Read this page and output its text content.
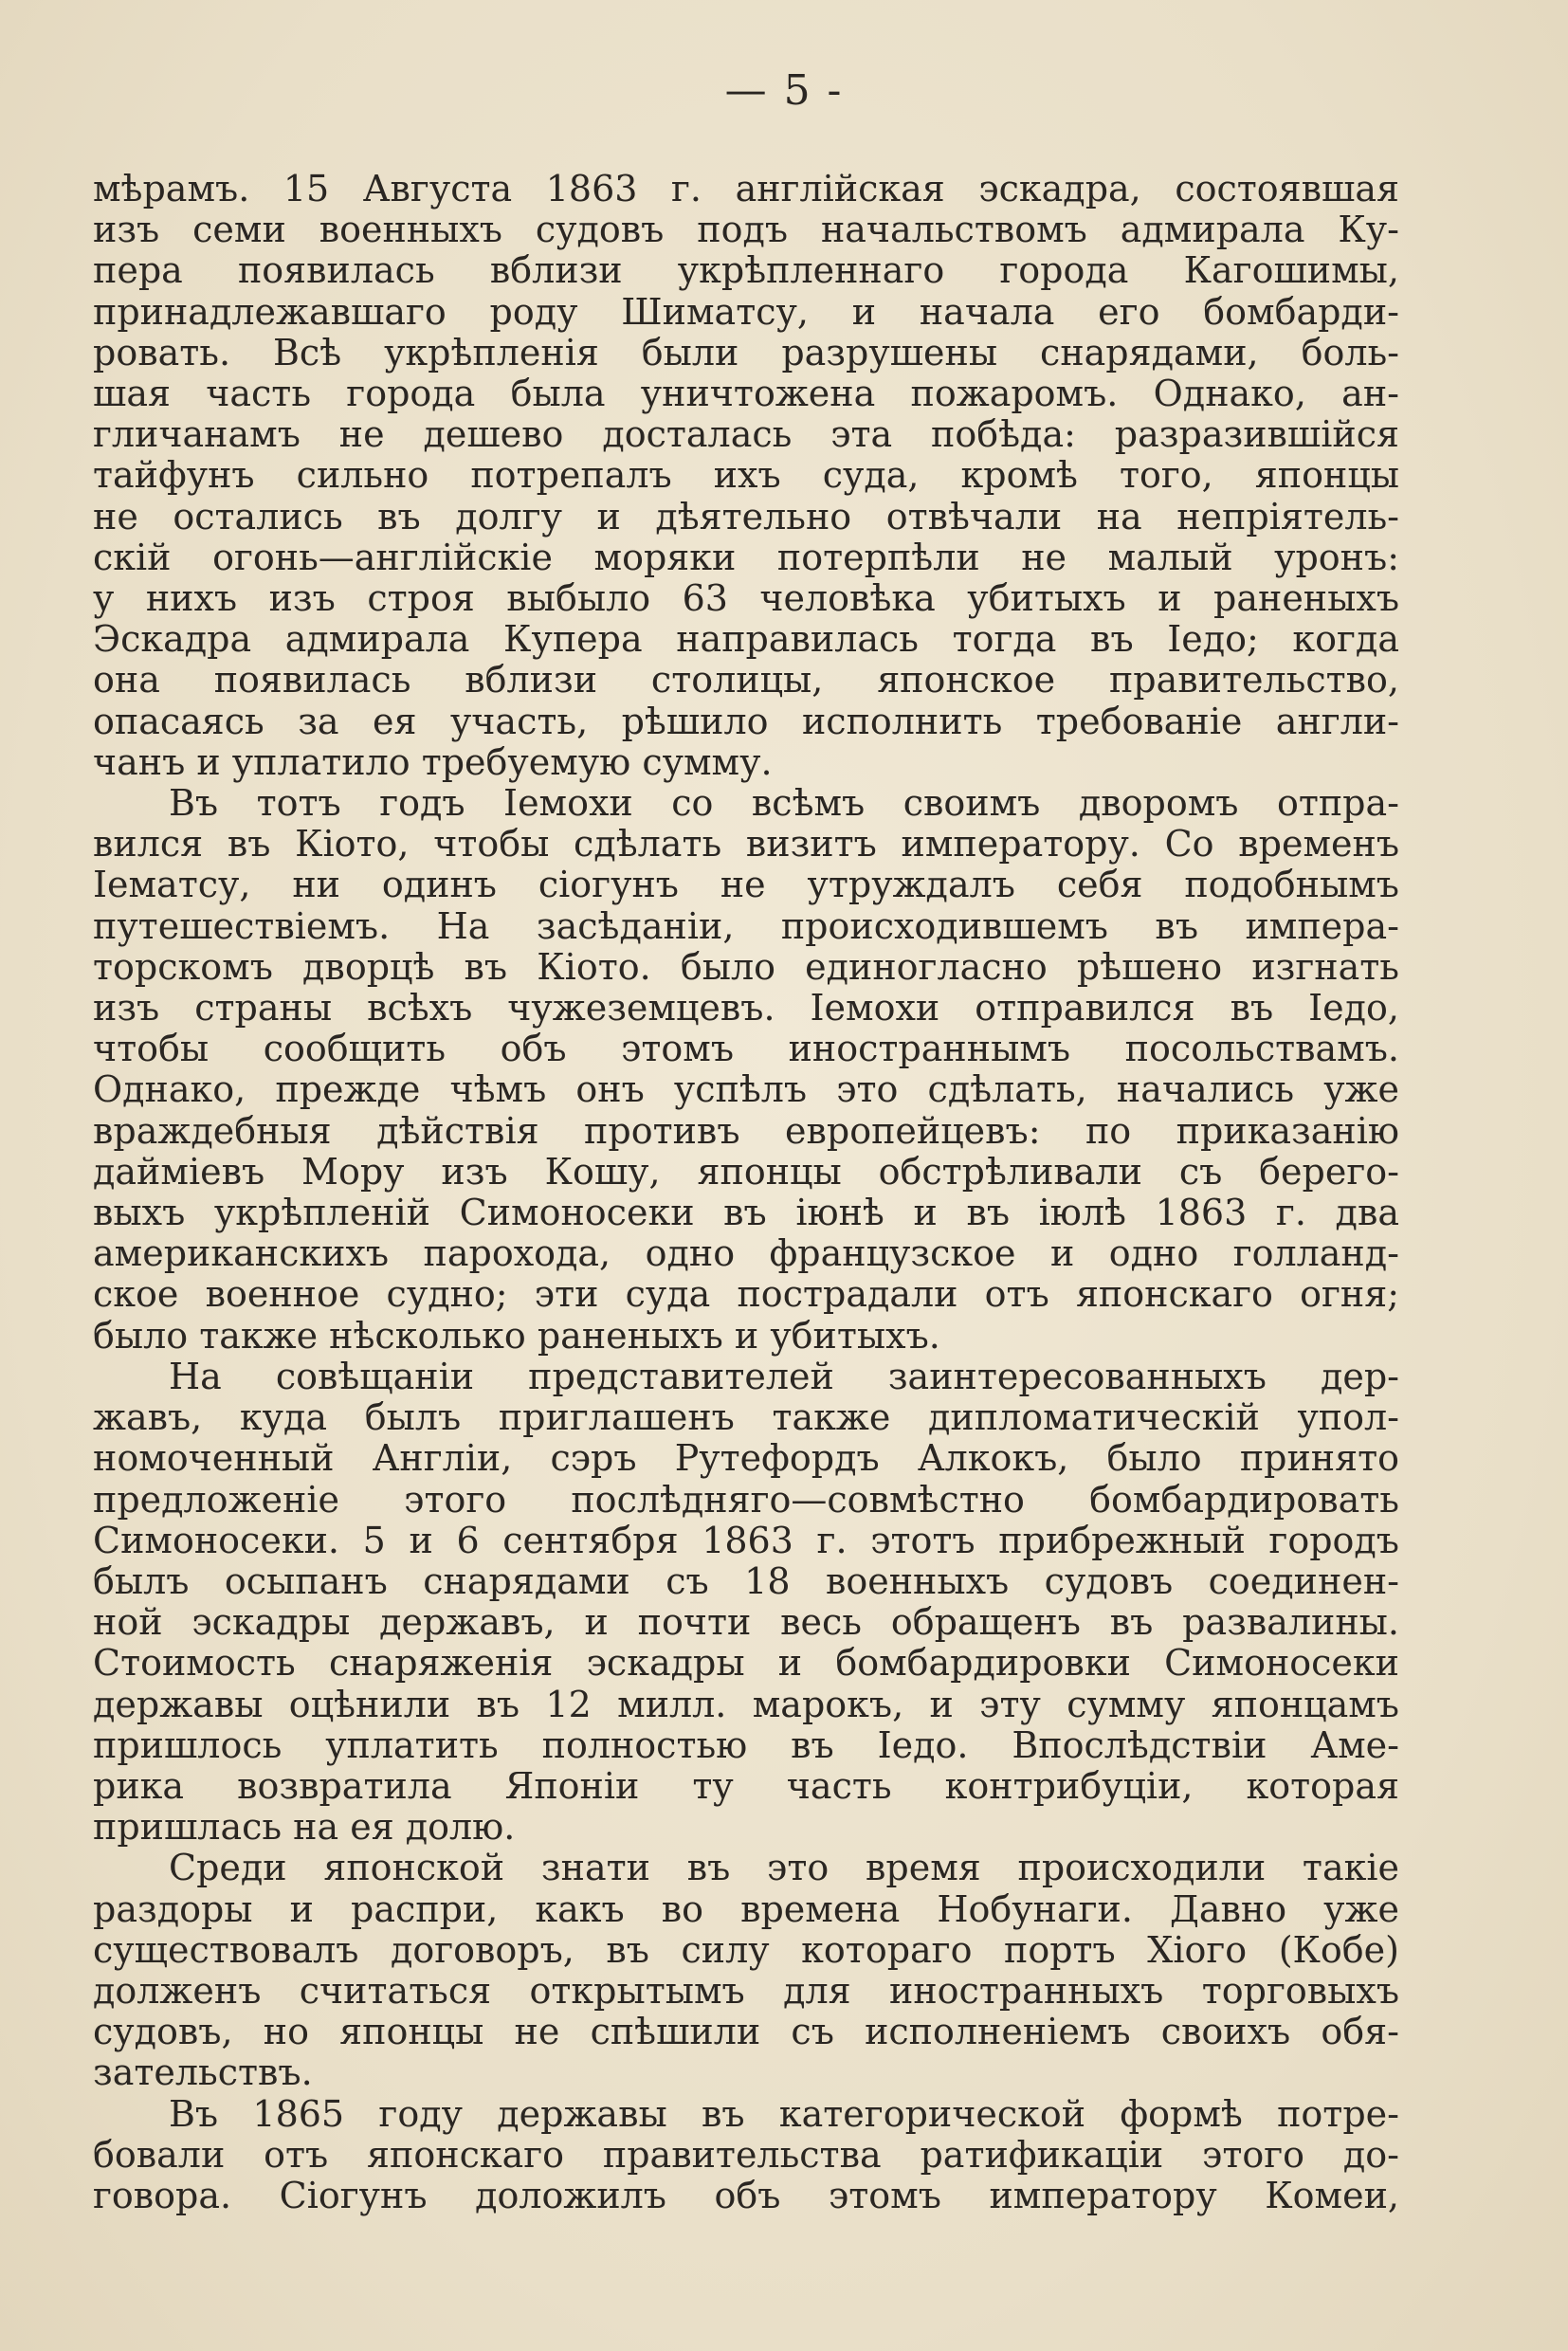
— 5 -

мѣрамъ. 15 Августа 1863 г. англійская эскадра, состоявшая
изъ семи военныхъ судовъ подъ начальствомъ адмирала Ку-
пера появилась вблизи укрѣпленнаго города Кагошимы,
принадлежавшаго роду Шиматсу, и начала его бомбарди-
ровать. Всѣ укрѣпленія были разрушены снарядами, боль-
шая часть города была уничтожена пожаромъ. Однако, ан-
гличанамъ не дешево досталась эта побѣда: разразившійся
тайфунъ сильно потрепалъ ихъ суда, кромѣ того, японцы
не остались въ долгу и дѣятельно отвѣчали на непріятель-
скій огонь—англійскіе моряки потерпѣли не малый уронъ:
у нихъ изъ строя выбыло 63 человѣка убитыхъ и раненыхъ
Эскадра адмирала Купера направилась тогда въ Іедо; когда
она появилась вблизи столицы, японское правительство,
опасаясь за ея участь, рѣшило исполнить требованіе англи-
чанъ и уплатило требуемую сумму.

Въ тотъ годъ Іемохи со всѣмъ своимъ дворомъ отпра-
вился въ Кіото, чтобы сдѣлать визитъ императору. Со временъ
Іематсу, ни одинъ сіогунъ не утруждалъ себя подобнымъ
путешествіемъ. На засѣданіи, происходившемъ въ импера-
торскомъ дворцѣ въ Кіото. было единогласно рѣшено изгнать
изъ страны всѣхъ чужеземцевъ. Іемохи отправился въ Іедо,
чтобы сообщить объ этомъ иностраннымъ посольствамъ.
Однако, прежде чѣмъ онъ успѣлъ это сдѣлать, начались уже
враждебныя дѣйствія противъ европейцевъ: по приказанію
дайміевъ Мору изъ Кошу, японцы обстрѣливали съ берего-
выхъ укрѣпленій Симоносеки въ іюнѣ и въ іюлѣ 1863 г. два
американскихъ парохода, одно французское и одно голланд-
ское военное судно; эти суда пострадали отъ японскаго огня;
было также нѣсколько раненыхъ и убитыхъ.

На совѣщаніи представителей заинтересованныхъ дер-
жавъ, куда былъ приглашенъ также дипломатическій упол-
номоченный Англіи, сэръ Рутефордъ Алкокъ, было принято
предложеніе этого послѣдняго—совмѣстно бомбардировать
Симоносеки. 5 и 6 сентября 1863 г. этотъ прибрежный городъ
былъ осыпанъ снарядами съ 18 военныхъ судовъ соединен-
ной эскадры державъ, и почти весь обращенъ въ развалины.
Стоимость снаряженія эскадры и бомбардировки Симоносеки
державы оцѣнили въ 12 милл. марокъ, и эту сумму японцамъ
пришлось уплатить полностью въ Іедо. Впослѣдствіи Аме-
рика возвратила Японіи ту часть контрибуціи, которая
пришлась на ея долю.

Среди японской знати въ это время происходили такіе
раздоры и распри, какъ во времена Нобунаги. Давно уже
существовалъ договоръ, въ силу котораго портъ Хіого (Кобе)
долженъ считаться открытымъ для иностранныхъ торговыхъ
судовъ, но японцы не спѣшили съ исполненіемъ своихъ обя-
зательствъ.

Въ 1865 году державы въ категорической формѣ потре-
бовали отъ японскаго правительства ратификаціи этого до-
говора. Сіогунъ доложилъ объ этомъ императору Комеи,
